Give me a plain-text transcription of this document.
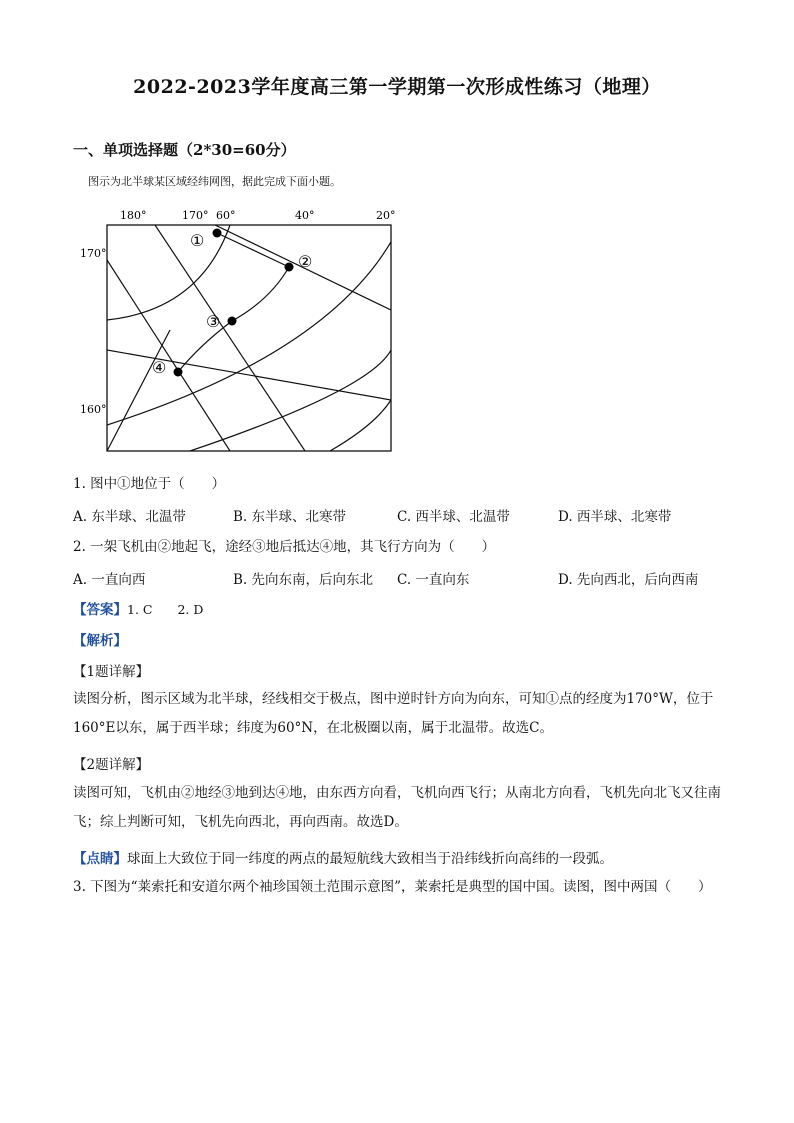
2022-2023学年度高三第一学期第一次形成性练习（地理）
一、单项选择题（2*30=60分）
图示为北半球某区域经纬网图，据此完成下面小题。
180°	170° 60°	40°	20°
170°
160°
①
②
③
④
1. 图中①地位于（　　）
A. 东半球、北温带	B. 东半球、北寒带	C. 西半球、北温带	D. 西半球、北寒带
2. 一架飞机由②地起飞，途经③地后抵达④地，其飞行方向为（　　）
A. 一直向西	B. 先向东南，后向东北 C. 一直向东	D. 先向西北，后向西南
【答案】1. C　　2. D
【解析】
【1题详解】
读图分析，图示区域为北半球，经线相交于极点，图中逆时针方向为向东，可知①点的经度为170°W，位于160°E以东，属于西半球；纬度为60°N，在北极圈以南，属于北温带。故选C。
【2题详解】
读图可知，飞机由②地经③地到达④地，由东西方向看，飞机向西飞行；从南北方向看，飞机先向北飞又往南飞；综上判断可知，飞机先向西北，再向西南。故选D。
【点睛】球面上大致位于同一纬度的两点的最短航线大致相当于沿纬线折向高纬的一段弧。
3. 下图为“莱索托和安道尔两个袖珍国领土范围示意图”，莱索托是典型的国中国。读图，图中两国（　　）
